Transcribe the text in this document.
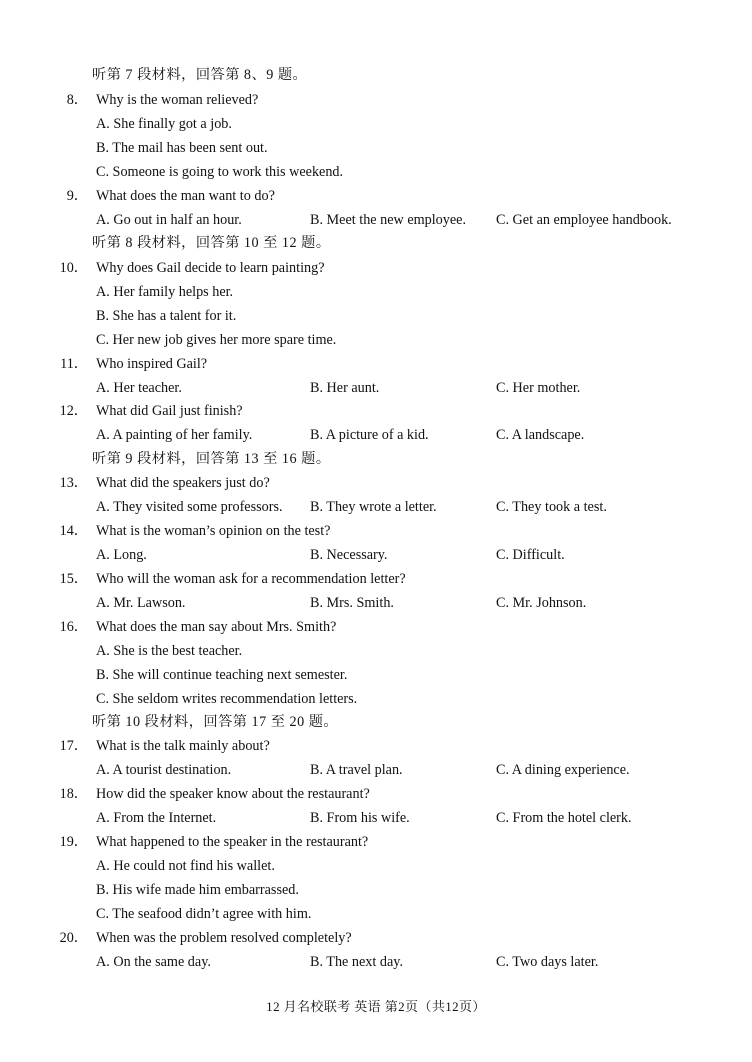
听第 7 段材料，回答第 8、9 题。
8． Why is the woman relieved?
A. She finally got a job.
B. The mail has been sent out.
C. Someone is going to work this weekend.
9． What does the man want to do?
A. Go out in half an hour.	B. Meet the new employee. C. Get an employee handbook.
听第 8 段材料，回答第 10 至 12 题。
10． Why does Gail decide to learn painting?
A. Her family helps her.
B. She has a talent for it.
C. Her new job gives her more spare time.
11． Who inspired Gail?
A. Her teacher.	B. Her aunt.	C. Her mother.
12． What did Gail just finish?
A. A painting of her family.	B. A picture of a kid.	C. A landscape.
听第 9 段材料，回答第 13 至 16 题。
13． What did the speakers just do?
A. They visited some professors. B. They wrote a letter.	C. They took a test.
14． What is the woman’s opinion on the test?
A. Long.	B. Necessary.	C. Difficult.
15． Who will the woman ask for a recommendation letter?
A. Mr. Lawson.	B. Mrs. Smith.	C. Mr. Johnson.
16． What does the man say about Mrs. Smith?
A. She is the best teacher.
B. She will continue teaching next semester.
C. She seldom writes recommendation letters.
听第 10 段材料，回答第 17 至 20 题。
17． What is the talk mainly about?
A. A tourist destination.	B. A travel plan.	C. A dining experience.
18． How did the speaker know about the restaurant?
A. From the Internet.	B. From his wife.	C. From the hotel clerk.
19． What happened to the speaker in the restaurant?
A. He could not find his wallet.
B. His wife made him embarrassed.
C. The seafood didn’t agree with him.
20． When was the problem resolved completely?
A. On the same day.	B. The next day.	C. Two days later.
12 月名校联考 英语 第2页（共12页）
